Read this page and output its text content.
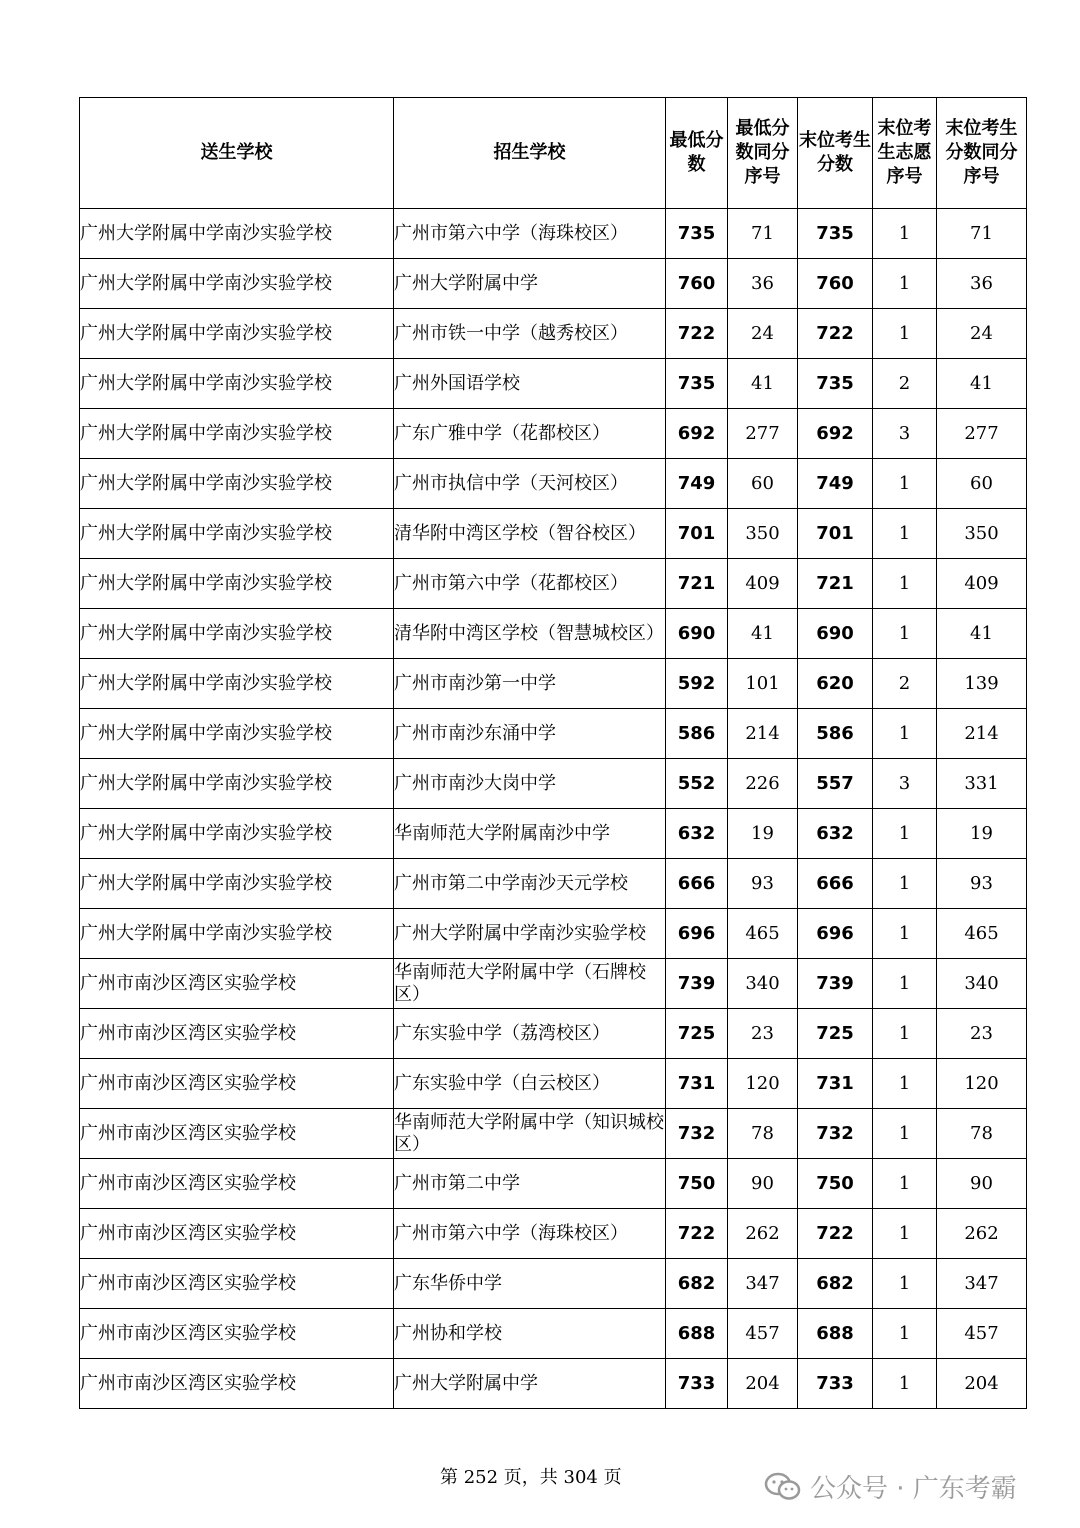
送生学校	招生学校	最低分数	最低分数同分序号	末位考生分数	末位考生志愿序号	末位考生分数同分序号
广州大学附属中学南沙实验学校	广州市第六中学（海珠校区）	735	71	735	1	71
广州大学附属中学南沙实验学校	广州大学附属中学	760	36	760	1	36
广州大学附属中学南沙实验学校	广州市铁一中学（越秀校区）	722	24	722	1	24
广州大学附属中学南沙实验学校	广州外国语学校	735	41	735	2	41
广州大学附属中学南沙实验学校	广东广雅中学（花都校区）	692	277	692	3	277
广州大学附属中学南沙实验学校	广州市执信中学（天河校区）	749	60	749	1	60
广州大学附属中学南沙实验学校	清华附中湾区学校（智谷校区）	701	350	701	1	350
广州大学附属中学南沙实验学校	广州市第六中学（花都校区）	721	409	721	1	409
广州大学附属中学南沙实验学校	清华附中湾区学校（智慧城校区）	690	41	690	1	41
广州大学附属中学南沙实验学校	广州市南沙第一中学	592	101	620	2	139
广州大学附属中学南沙实验学校	广州市南沙东涌中学	586	214	586	1	214
广州大学附属中学南沙实验学校	广州市南沙大岗中学	552	226	557	3	331
广州大学附属中学南沙实验学校	华南师范大学附属南沙中学	632	19	632	1	19
广州大学附属中学南沙实验学校	广州市第二中学南沙天元学校	666	93	666	1	93
广州大学附属中学南沙实验学校	广州大学附属中学南沙实验学校	696	465	696	1	465
广州市南沙区湾区实验学校	华南师范大学附属中学（石牌校区）	739	340	739	1	340
广州市南沙区湾区实验学校	广东实验中学（荔湾校区）	725	23	725	1	23
广州市南沙区湾区实验学校	广东实验中学（白云校区）	731	120	731	1	120
广州市南沙区湾区实验学校	华南师范大学附属中学（知识城校区）	732	78	732	1	78
广州市南沙区湾区实验学校	广州市第二中学	750	90	750	1	90
广州市南沙区湾区实验学校	广州市第六中学（海珠校区）	722	262	722	1	262
广州市南沙区湾区实验学校	广东华侨中学	682	347	682	1	347
广州市南沙区湾区实验学校	广州协和学校	688	457	688	1	457
广州市南沙区湾区实验学校	广州大学附属中学	733	204	733	1	204
第 252 页，共 304 页	公众号 · 广东考霸
